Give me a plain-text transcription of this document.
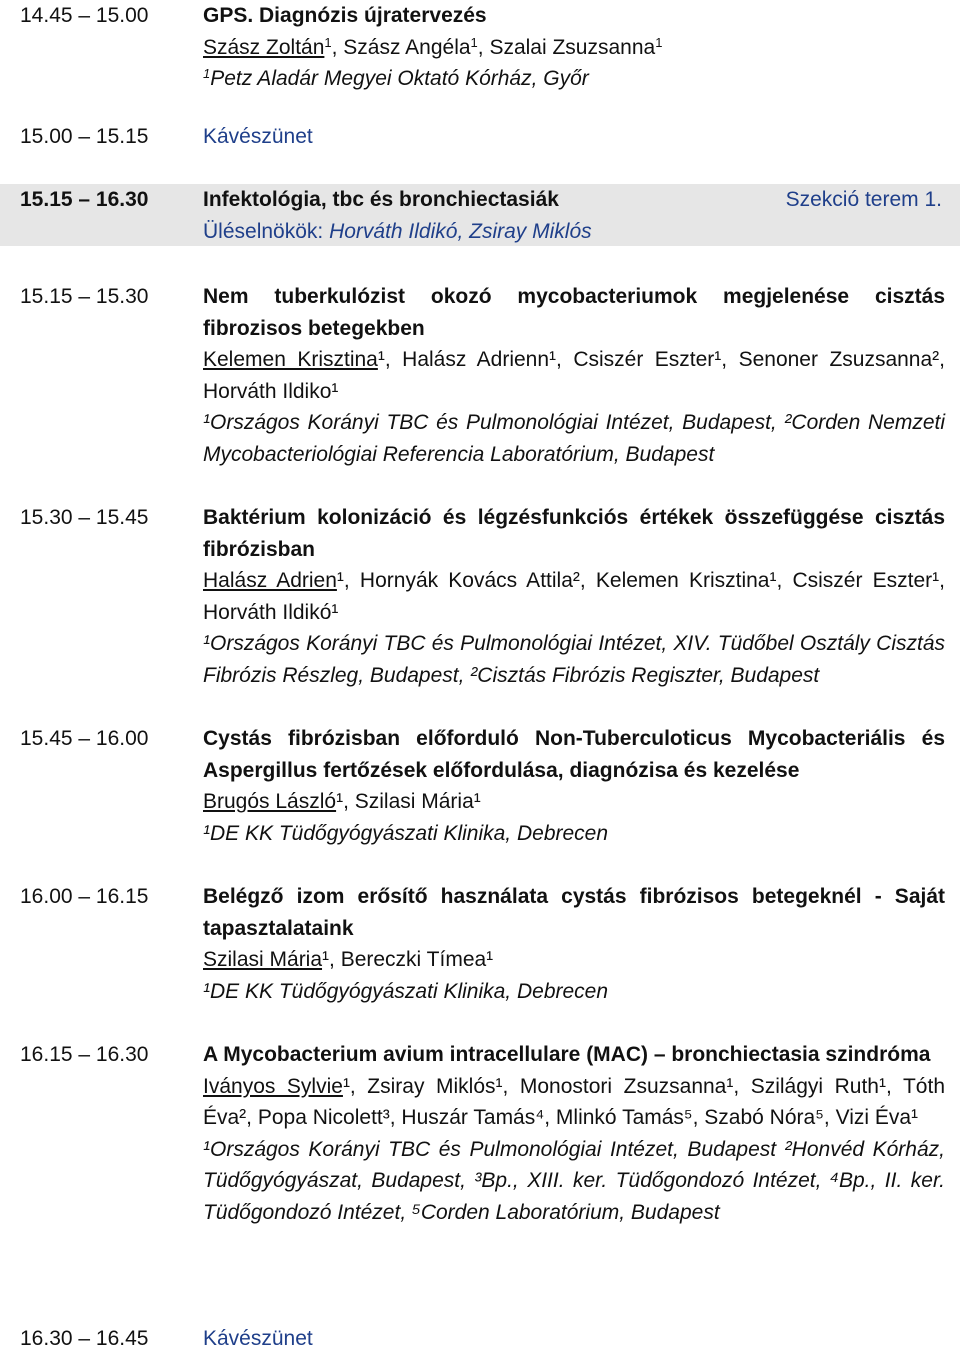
14.45 – 15.00	GPS. Diagnózis újratervezés

Szász Zoltán$^1$, Szász Angéla$^1$, Szalai Zsuzsanna$^1$

$^1$Petz Aladár Megyei Oktató Kórház, Győr

15.00 – 15.15	Kávészünet
15.15 – 16.30	Infektológia, tbc és bronchiectasiák

Üléselnökök: Horváth Ildikó, Zsiray Miklós

Szekció terem 1.
15.15 – 15.30	Nem tuberkulózist okozó mycobacteriumok megjelenése cisztás fibrozisos betegekben

Kelemen Krisztina¹, Halász Adrienn¹, Csiszér Eszter¹, Senoner Zsuzsanna², Horváth Ildiko¹

¹Országos Korányi TBC és Pulmonológiai Intézet, Budapest, ²Corden Nemzeti Mycobacteriológiai Referencia Laboratórium, Budapest

15.30 – 15.45	Baktérium kolonizáció és légzésfunkciós értékek összefüggése cisztás fibrózisban

Halász Adrien¹, Hornyák Kovács Attila², Kelemen Krisztina¹, Csiszér Eszter¹, Horváth Ildikó¹

¹Országos Korányi TBC és Pulmonológiai Intézet, XIV. Tüdőbel Osztály Cisztás Fibrózis Részleg, Budapest, ²Cisztás Fibrózis Regiszter, Budapest

15.45 – 16.00	Cystás fibrózisban előforduló Non-Tuberculoticus Mycobacteriális és Aspergillus fertőzések előfordulása, diagnózisa és kezelése

Brugós László¹, Szilasi Mária¹

¹DE KK Tüdőgyógyászati Klinika, Debrecen

16.00 – 16.15	Belégző izom erősítő használata cystás fibrózisos betegeknél - Saját tapasztalataink

Szilasi Mária¹, Bereczki Tímea¹

¹DE KK Tüdőgyógyászati Klinika, Debrecen

16.15 – 16.30	A Mycobacterium avium intracellulare (MAC) – bronchiectasia szindróma

Iványos Sylvie¹, Zsiray Miklós¹, Monostori Zsuzsanna¹, Szilágyi Ruth¹, Tóth Éva², Popa Nicolett³, Huszár Tamás⁴, Mlinkó Tamás⁵, Szabó Nóra⁵, Vizi Éva¹

¹Országos Korányi TBC és Pulmonológiai Intézet, Budapest ²Honvéd Kórház, Tüdőgyógyászat, Budapest, ³Bp., XIII. ker. Tüdőgondozó Intézet, ⁴Bp., II. ker. Tüdőgondozó Intézet, ⁵Corden Laboratórium, Budapest

16.30 – 16.45	Kávészünet
